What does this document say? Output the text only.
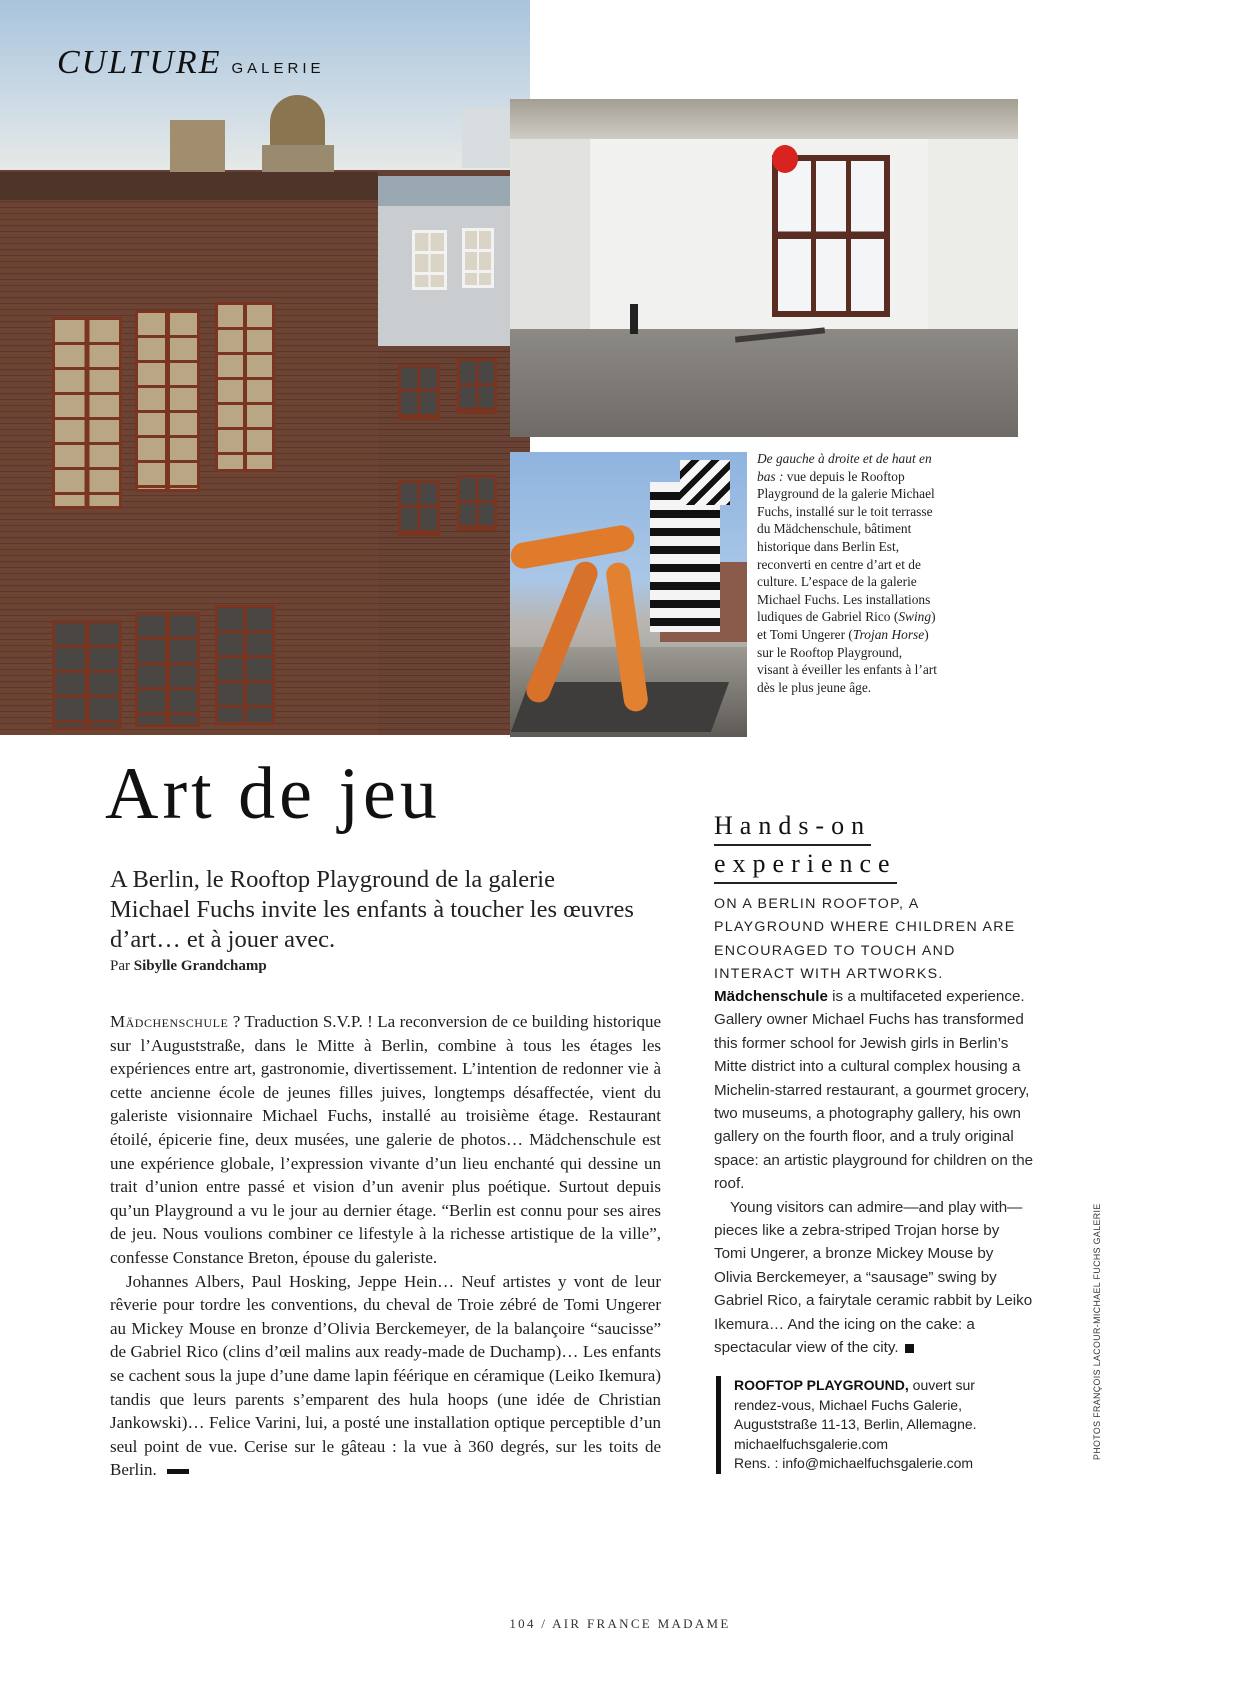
CULTURE GALERIE
De gauche à droite et de haut en bas : vue depuis le Rooftop Playground de la galerie Michael Fuchs, installé sur le toit terrasse du Mädchenschule, bâtiment historique dans Berlin Est, reconverti en centre d’art et de culture. L’espace de la galerie Michael Fuchs. Les installations ludiques de Gabriel Rico (Swing) et Tomi Ungerer (Trojan Horse) sur le Rooftop Playground, visant à éveiller les enfants à l’art dès le plus jeune âge.
Art de jeu
A Berlin, le Rooftop Playground de la galerie Michael Fuchs invite les enfants à toucher les œuvres d’art… et à jouer avec.
Par Sibylle Grandchamp

Mädchenschule ? Traduction S.V.P. ! La reconversion de ce building historique sur l’Auguststraße, dans le Mitte à Berlin, combine à tous les étages les expériences entre art, gastronomie, divertissement. L’intention de redonner vie à cette ancienne école de jeunes filles juives, longtemps désaffectée, vient du galeriste visionnaire Michael Fuchs, installé au troisième étage. Restaurant étoilé, épicerie fine, deux musées, une galerie de photos… Mädchenschule est une expérience globale, l’expression vivante d’un lieu enchanté qui dessine un trait d’union entre passé et vision d’un avenir plus poétique. Surtout depuis qu’un Playground a vu le jour au dernier étage. “Berlin est connu pour ses aires de jeu. Nous voulions combiner ce lifestyle à la richesse artistique de la ville”, confesse Constance Breton, épouse du galeriste.

Johannes Albers, Paul Hosking, Jeppe Hein… Neuf artistes y vont de leur rêverie pour tordre les conventions, du cheval de Troie zébré de Tomi Ungerer au Mickey Mouse en bronze d’Olivia Berckemeyer, de la balançoire “saucisse” de Gabriel Rico (clins d’œil malins aux ready-made de Duchamp)… Les enfants se cachent sous la jupe d’une dame lapin féérique en céramique (Leiko Ikemura) tandis que leurs parents s’emparent des hula hoops (une idée de Christian Jankowski)… Felice Varini, lui, a posté une installation optique perceptible d’un seul point de vue. Cerise sur le gâteau : la vue à 360 degrés, sur les toits de Berlin.

Hands-on
experience
ON A BERLIN ROOFTOP, A PLAYGROUND WHERE CHILDREN ARE ENCOURAGED TO TOUCH AND INTERACT WITH ARTWORKS.

Mädchenschule is a multifaceted experience. Gallery owner Michael Fuchs has transformed this former school for Jewish girls in Berlin’s Mitte district into a cultural complex housing a Michelin-starred restaurant, a gourmet grocery, two museums, a photography gallery, his own gallery on the fourth floor, and a truly original space: an artistic playground for children on the roof.

Young visitors can admire—and play with—pieces like a zebra-striped Trojan horse by Tomi Ungerer, a bronze Mickey Mouse by Olivia Berckemeyer, a “sausage” swing by Gabriel Rico, a fairytale ceramic rabbit by Leiko Ikemura… And the icing on the cake: a spectacular view of the city.

ROOFTOP PLAYGROUND, ouvert sur rendez-vous, Michael Fuchs Galerie, Auguststraße 11-13, Berlin, Allemagne. michaelfuchsgalerie.com
Rens. : info@michaelfuchsgalerie.com
PHOTOS FRANÇOIS LACOUR-MICHAEL FUCHS GALERIE
104 / AIR FRANCE MADAME
